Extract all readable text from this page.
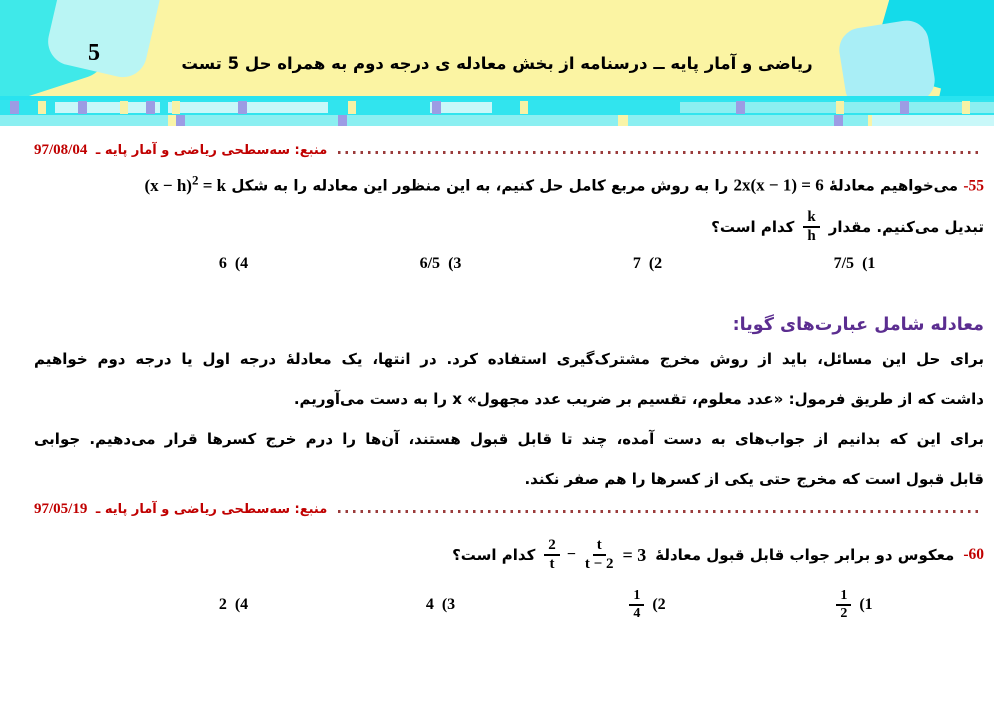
5	ریاضی و آمار پایه ــ درسنامه از بخش معادله ی درجه دوم به همراه حل 5 تست
منبع: سه‌سطحی ریاضی و آمار پایه ـ 97/08/04
-55 می‌خواهیم معادلهٔ 2x(x − 1) = 6 را به روش مربع کامل حل کنیم، به این منظور این معادله را به شکل $(x - h)^2 = k$
تبدیل می‌کنیم. مقدار
$\frac{k}{h}$
کدام است؟
7/5 (1
7 (2
6/5 (3
6 (4
معادله شامل عبارت‌های گویا:
برای حل این مسائل، باید از روش مخرج مشترک‌گیری استفاده کرد. در انتها، یک معادلهٔ درجه اول یا درجه دوم خواهیم
داشت که از طریق فرمول: «عدد معلوم، تقسیم بر ضریب عدد مجهول» x را به دست می‌آوریم.
برای این که بدانیم از جواب‌های به دست آمده، چند تا قابل قبول هستند، آن‌ها را درم خرج کسرها قرار می‌دهیم. جوابی
قابل قبول است که مخرج حتی یکی از کسرها را هم صفر نکند.
منبع: سه‌سطحی ریاضی و آمار پایه ـ 97/05/19
-60
معکوس دو برابر جواب قابل قبول معادلهٔ
$\frac{2}{t} - \frac{t}{t - 2} = 3$
کدام است؟
$\frac{1}{2} (1$
$\frac{1}{4} (2$
4 (3
2 (4
